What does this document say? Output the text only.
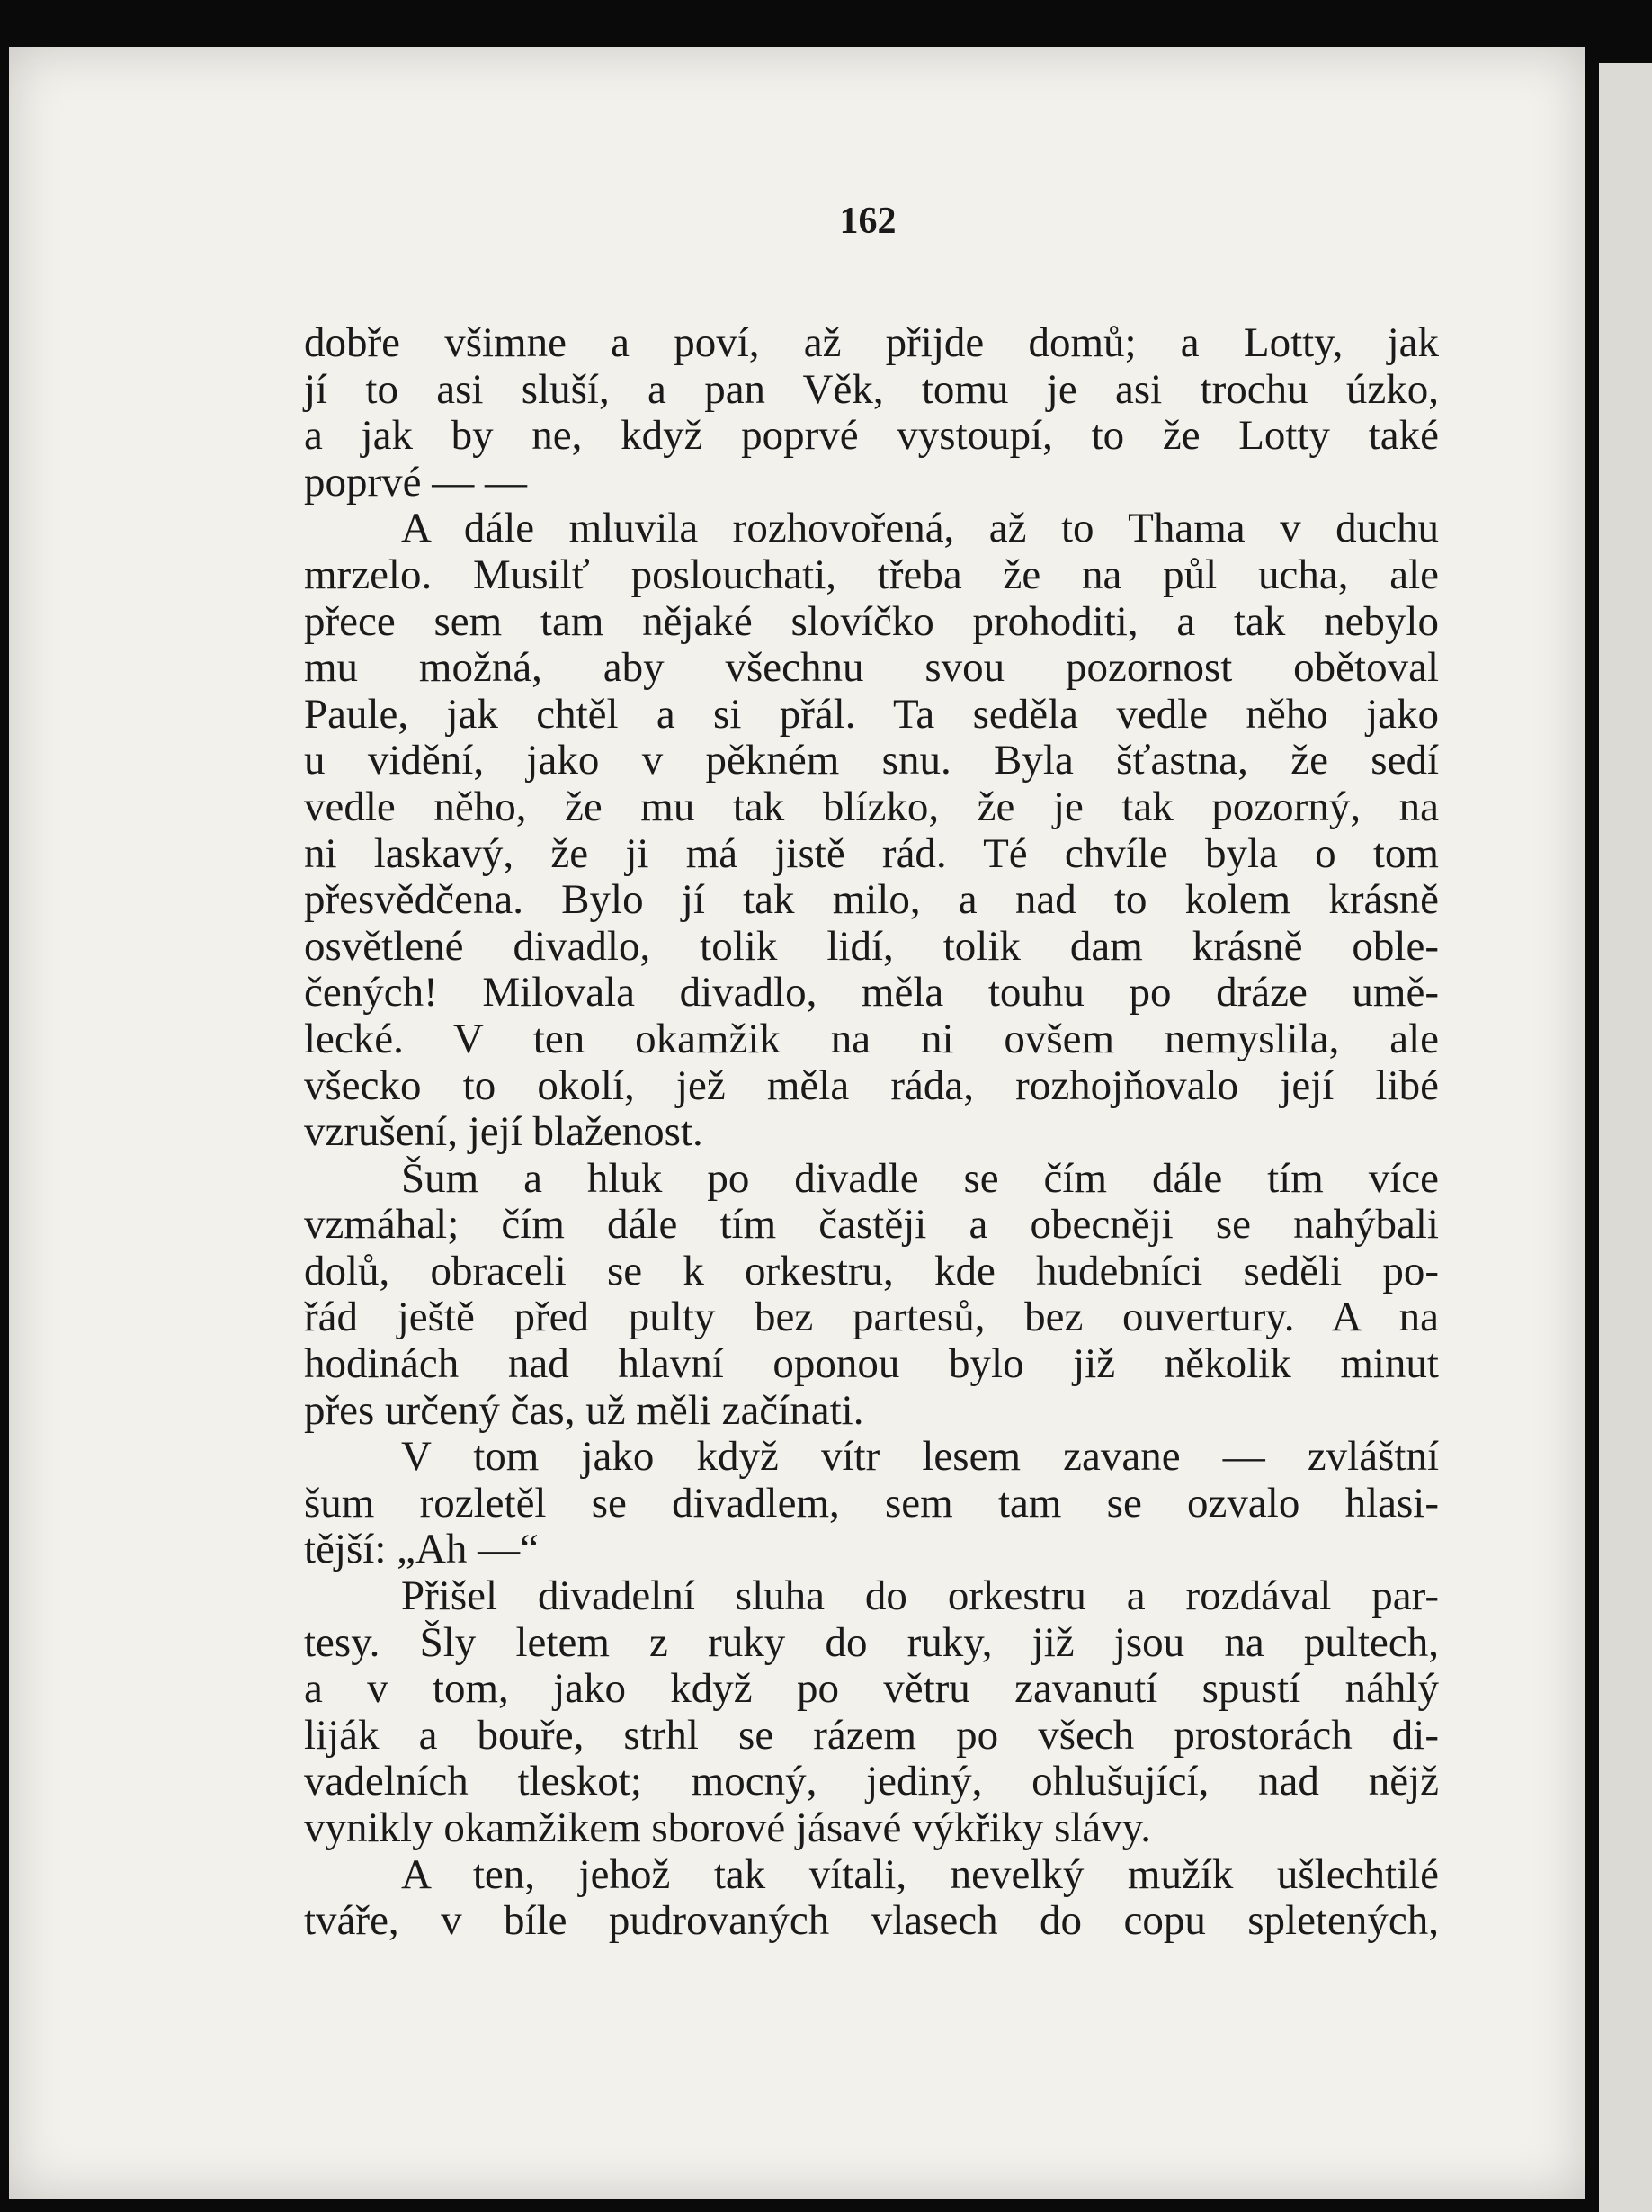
162
dobře všimne a poví, až přijde domů; a Lotty, jak
jí to asi sluší, a pan Věk, tomu je asi trochu úzko,
a jak by ne, když poprvé vystoupí, to že Lotty také
poprvé — —
A dále mluvila rozhovořená, až to Thama v duchu
mrzelo. Musilť poslouchati, třeba že na půl ucha, ale
přece sem tam nějaké slovíčko prohoditi, a tak nebylo
mu možná, aby všechnu svou pozornost obětoval
Paule, jak chtěl a si přál. Ta seděla vedle něho jako
u vidění, jako v pěkném snu. Byla šťastna, že sedí
vedle něho, že mu tak blízko, že je tak pozorný, na
ni laskavý, že ji má jistě rád. Té chvíle byla o tom
přesvědčena. Bylo jí tak milo, a nad to kolem krásně
osvětlené divadlo, tolik lidí, tolik dam krásně oble-
čených! Milovala divadlo, měla touhu po dráze umě-
lecké. V ten okamžik na ni ovšem nemyslila, ale
všecko to okolí, jež měla ráda, rozhojňovalo její libé
vzrušení, její blaženost.
Šum a hluk po divadle se čím dále tím více
vzmáhal; čím dále tím častěji a obecněji se nahýbali
dolů, obraceli se k orkestru, kde hudebníci seděli po-
řád ještě před pulty bez partesů, bez ouvertury. A na
hodinách nad hlavní oponou bylo již několik minut
přes určený čas, už měli začínati.
V tom jako když vítr lesem zavane — zvláštní
šum rozletěl se divadlem, sem tam se ozvalo hlasi-
tější: „Ah —“
Přišel divadelní sluha do orkestru a rozdával par-
tesy. Šly letem z ruky do ruky, již jsou na pultech,
a v tom, jako když po větru zavanutí spustí náhlý
liják a bouře, strhl se rázem po všech prostorách di-
vadelních tleskot; mocný, jediný, ohlušující, nad nějž
vynikly okamžikem sborové jásavé výkřiky slávy.
A ten, jehož tak vítali, nevelký mužík ušlechtilé
tváře, v bíle pudrovaných vlasech do copu spletených,
